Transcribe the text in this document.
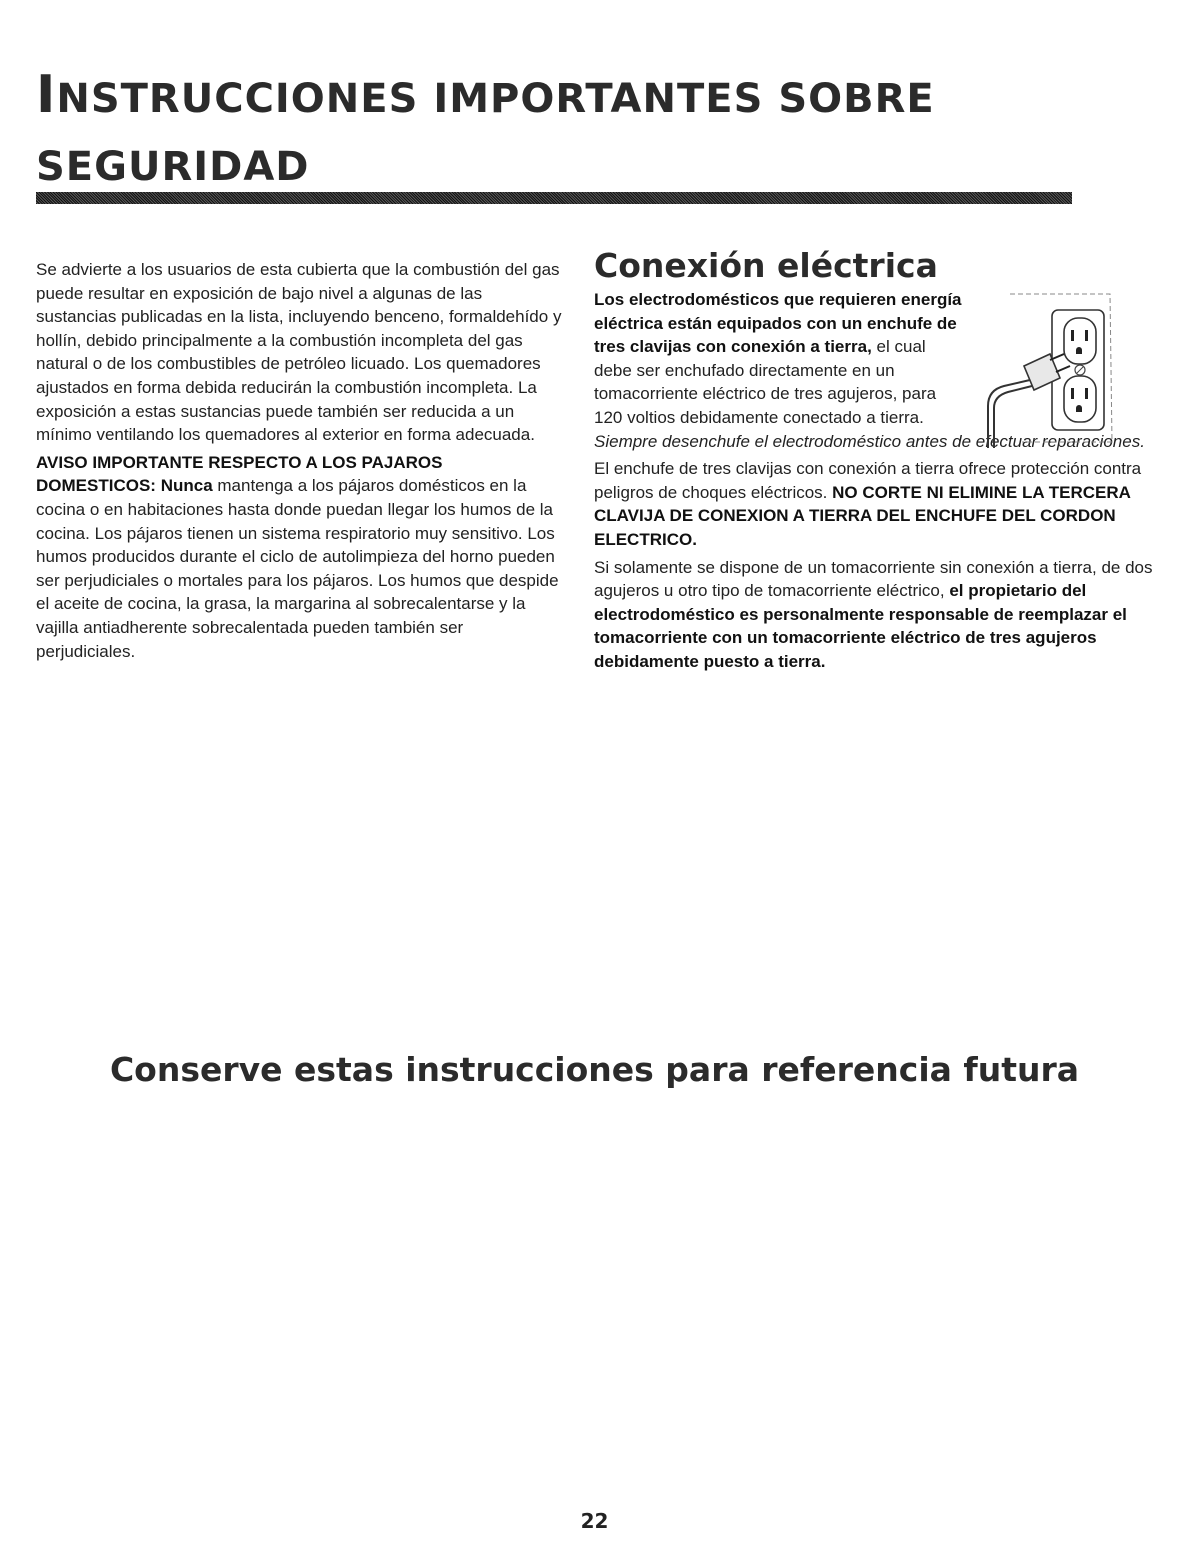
INSTRUCCIONES IMPORTANTES SOBRE
SEGURIDAD

Se advierte a los usuarios de esta cubierta que la combustión del gas puede resultar en exposición de bajo nivel a algunas de las sustancias publicadas en la lista, incluyendo benceno, formaldehído y hollín, debido principalmente a la combustión incompleta del gas natural o de los combustibles de petróleo licuado. Los quemadores ajustados en forma debida reducirán la combustión incompleta. La exposición a estas sustancias puede también ser reducida a un mínimo ventilando los quemadores al exterior en forma adecuada.

AVISO IMPORTANTE RESPECTO A LOS PAJAROS DOMESTICOS: Nunca mantenga a los pájaros domésticos en la cocina o en habitaciones hasta donde puedan llegar los humos de la cocina. Los pájaros tienen un sistema respiratorio muy sensitivo. Los humos producidos durante el ciclo de autolimpieza del horno pueden ser perjudiciales o mortales para los pájaros. Los humos que despide el aceite de cocina, la grasa, la margarina al sobrecalentarse y la vajilla antiadherente sobrecalentada pueden también ser perjudiciales.

Conexión eléctrica

Los electrodomésticos que requieren energía eléctrica están equipados con un enchufe de tres clavijas con conexión a tierra, el cual debe ser enchufado directamente en un tomacorriente eléctrico de tres agujeros, para 120 voltios debidamente conectado a tierra.

Siempre desenchufe el electrodoméstico antes de efectuar reparaciones.

El enchufe de tres clavijas con conexión a tierra ofrece protección contra peligros de choques eléctricos. NO CORTE NI ELIMINE LA TERCERA CLAVIJA DE CONEXION A TIERRA DEL ENCHUFE DEL CORDON ELECTRICO.

Si solamente se dispone de un tomacorriente sin conexión a tierra, de dos agujeros u otro tipo de tomacorriente eléctrico, el propietario del electrodoméstico es personalmente responsable de reemplazar el tomacorriente con un tomacorriente eléctrico de tres agujeros debidamente puesto a tierra.

Conserve estas instrucciones para referencia futura

22
